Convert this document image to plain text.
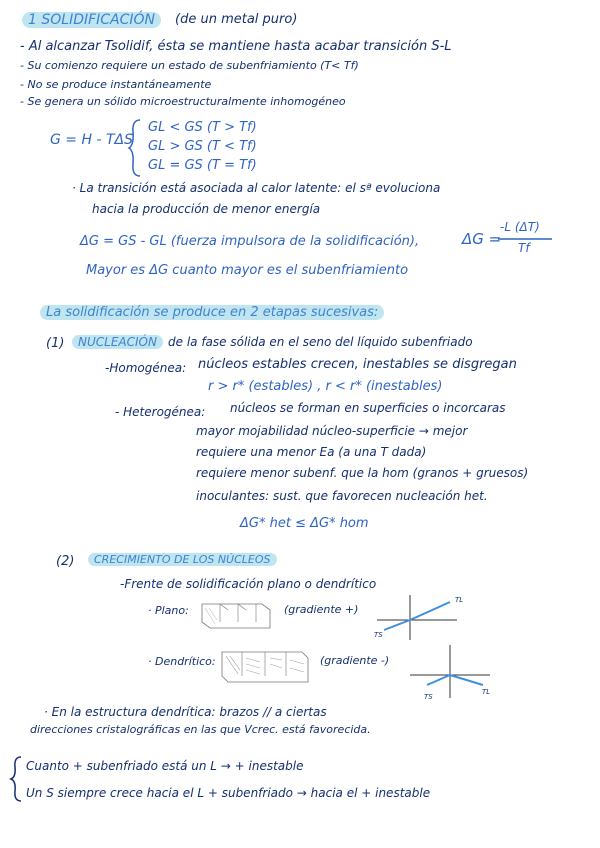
1 SOLIDIFICACIÓN	(de un metal puro)
- Al alcanzar Tsolidif, ésta se mantiene hasta acabar transición S-L
- Su comienzo requiere un estado de subenfriamiento (T< Tf)
- No se produce instantáneamente
- Se genera un sólido microestructuralmente inhomogéneo
G = H - TΔS
GL < GS (T > Tf)
GL > GS (T < Tf)
GL = GS (T = Tf)
· La transición está asociada al calor latente: el sª evoluciona
hacia la producción de menor energía
ΔG = GS - GL (fuerza impulsora de la solidificación),	ΔG =
-L (ΔT)
Tf
Mayor es ΔG cuanto mayor es el subenfriamiento
La solidificación se produce en 2 etapas sucesivas:
(1)	NUCLEACIÓN de la fase sólida en el seno del líquido subenfriado
-Homogénea: núcleos estables crecen, inestables se disgregan
r > r* (estables) , r < r* (inestables)
- Heterogénea: núcleos se forman en superficies o incorcaras
mayor mojabilidad núcleo-superficie → mejor
requiere una menor Ea (a una T dada)
requiere menor subenf. que la hom (granos + gruesos)
inoculantes: sust. que favorecen nucleación het.
ΔG* het ≤ ΔG* hom
(2)	CRECIMIENTO DE LOS NÚCLEOS
-Frente de solidificación plano o dendrítico
· Plano:	(gradiente +)
TL
TS
· Dendrítico:	(gradiente -)
TS
TL
· En la estructura dendrítica: brazos // a ciertas
direcciones cristalográficas en las que Vcrec. está favorecida.
Cuanto + subenfriado está un L → + inestable
Un S siempre crece hacia el L + subenfriado → hacia el + inestable
